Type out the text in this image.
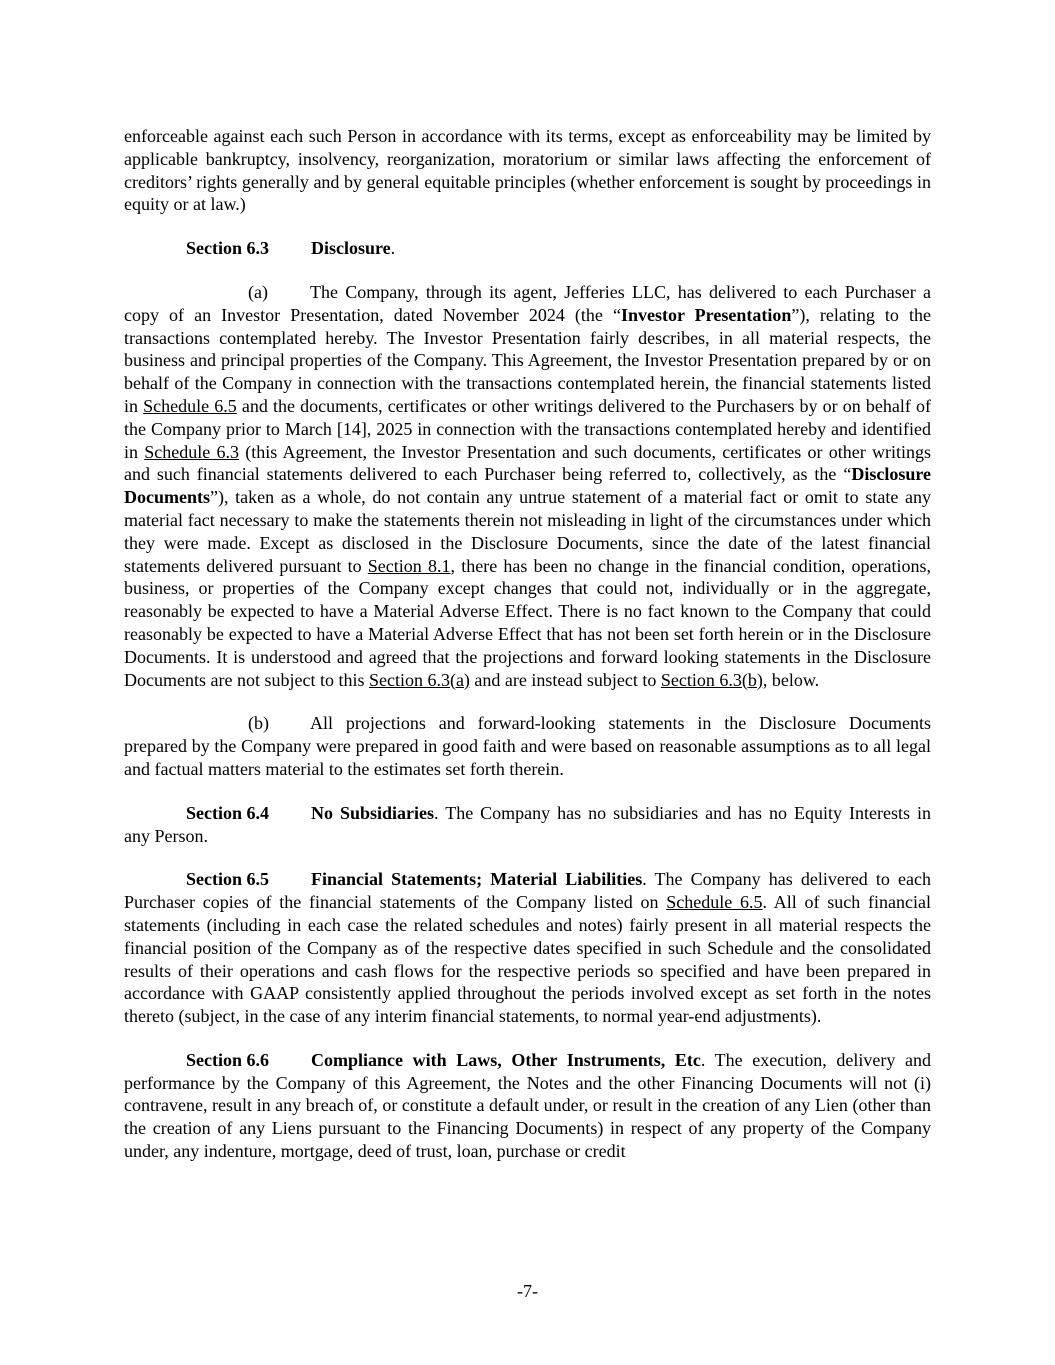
enforceable against each such Person in accordance with its terms, except as enforceability may be limited by applicable bankruptcy, insolvency, reorganization, moratorium or similar laws affecting the enforcement of creditors’ rights generally and by general equitable principles (whether enforcement is sought by proceedings in equity or at law.)

Section 6.3 Disclosure.

(a) The Company, through its agent, Jefferies LLC, has delivered to each Purchaser a copy of an Investor Presentation, dated November 2024 (the “Investor Presentation”), relating to the transactions contemplated hereby. The Investor Presentation fairly describes, in all material respects, the business and principal properties of the Company. This Agreement, the Investor Presentation prepared by or on behalf of the Company in connection with the transactions contemplated herein, the financial statements listed in Schedule 6.5 and the documents, certificates or other writings delivered to the Purchasers by or on behalf of the Company prior to March [14], 2025 in connection with the transactions contemplated hereby and identified in Schedule 6.3 (this Agreement, the Investor Presentation and such documents, certificates or other writings and such financial statements delivered to each Purchaser being referred to, collectively, as the “Disclosure Documents”), taken as a whole, do not contain any untrue statement of a material fact or omit to state any material fact necessary to make the statements therein not misleading in light of the circumstances under which they were made. Except as disclosed in the Disclosure Documents, since the date of the latest financial statements delivered pursuant to Section 8.1, there has been no change in the financial condition, operations, business, or properties of the Company except changes that could not, individually or in the aggregate, reasonably be expected to have a Material Adverse Effect. There is no fact known to the Company that could reasonably be expected to have a Material Adverse Effect that has not been set forth herein or in the Disclosure Documents. It is understood and agreed that the projections and forward looking statements in the Disclosure Documents are not subject to this Section 6.3(a) and are instead subject to Section 6.3(b), below.

(b) All projections and forward-looking statements in the Disclosure Documents prepared by the Company were prepared in good faith and were based on reasonable assumptions as to all legal and factual matters material to the estimates set forth therein.

Section 6.4 No Subsidiaries. The Company has no subsidiaries and has no Equity Interests in any Person.

Section 6.5 Financial Statements; Material Liabilities. The Company has delivered to each Purchaser copies of the financial statements of the Company listed on Schedule 6.5. All of such financial statements (including in each case the related schedules and notes) fairly present in all material respects the financial position of the Company as of the respective dates specified in such Schedule and the consolidated results of their operations and cash flows for the respective periods so specified and have been prepared in accordance with GAAP consistently applied throughout the periods involved except as set forth in the notes thereto (subject, in the case of any interim financial statements, to normal year-end adjustments).

Section 6.6 Compliance with Laws, Other Instruments, Etc. The execution, delivery and performance by the Company of this Agreement, the Notes and the other Financing Documents will not (i) contravene, result in any breach of, or constitute a default under, or result in the creation of any Lien (other than the creation of any Liens pursuant to the Financing Documents) in respect of any property of the Company under, any indenture, mortgage, deed of trust, loan, purchase or credit

-7-
